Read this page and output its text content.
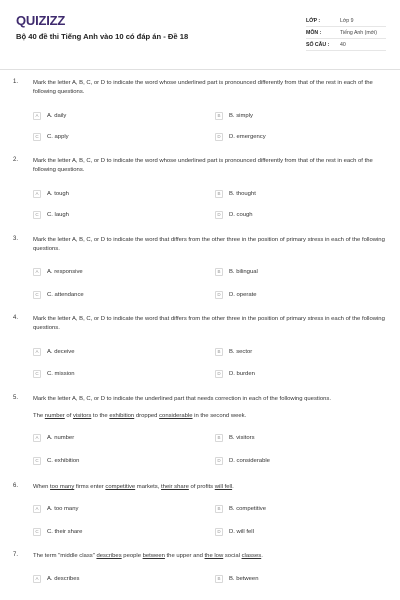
QUIZIZZ
Bộ 40 đề thi Tiếng Anh vào 10 có đáp án - Đề 18
LỚP :	Lớp 9
MÔN :	Tiếng Anh (mới)
SỐ CÂU :	40
1.	Mark the letter A, B, C, or D to indicate the word whose underlined part is pronounced differently from that of the rest in each of the following questions.
A	A. daily	B	B. simply
C	C. apply	D	D. emergency
2.	Mark the letter A, B, C, or D to indicate the word whose underlined part is pronounced differently from that of the rest in each of the following questions.
A	A. tough	B	B. thought
C	C. laugh	D	D. cough
3.	Mark the letter A, B, C, or D to indicate the word that differs from the other three in the position of primary stress in each of the following questions.
A	A. responsive	B	B. bilingual
C	C. attendance	D	D. operate
4.	Mark the letter A, B, C, or D to indicate the word that differs from the other three in the position of primary stress in each of the following questions.
A	A. deceive	B	B. sector
C	C. mission	D	D. burden
5.	Mark the letter A, B, C, or D to indicate the underlined part that needs correction in each of the following questions.
The number of visitors to the exhibition dropped considerable in the second week.
A	A. number	B	B. visitors
C	C. exhibition	D	D. considerable
6.	When too many firms enter competitive markets, their share of profits will fell.
A	A. too many	B	B. competitive
C	C. their share	D	D. will fell
7.	The term "middle class" describes people between the upper and the low social classes.
A	A. describes	B	B. between
